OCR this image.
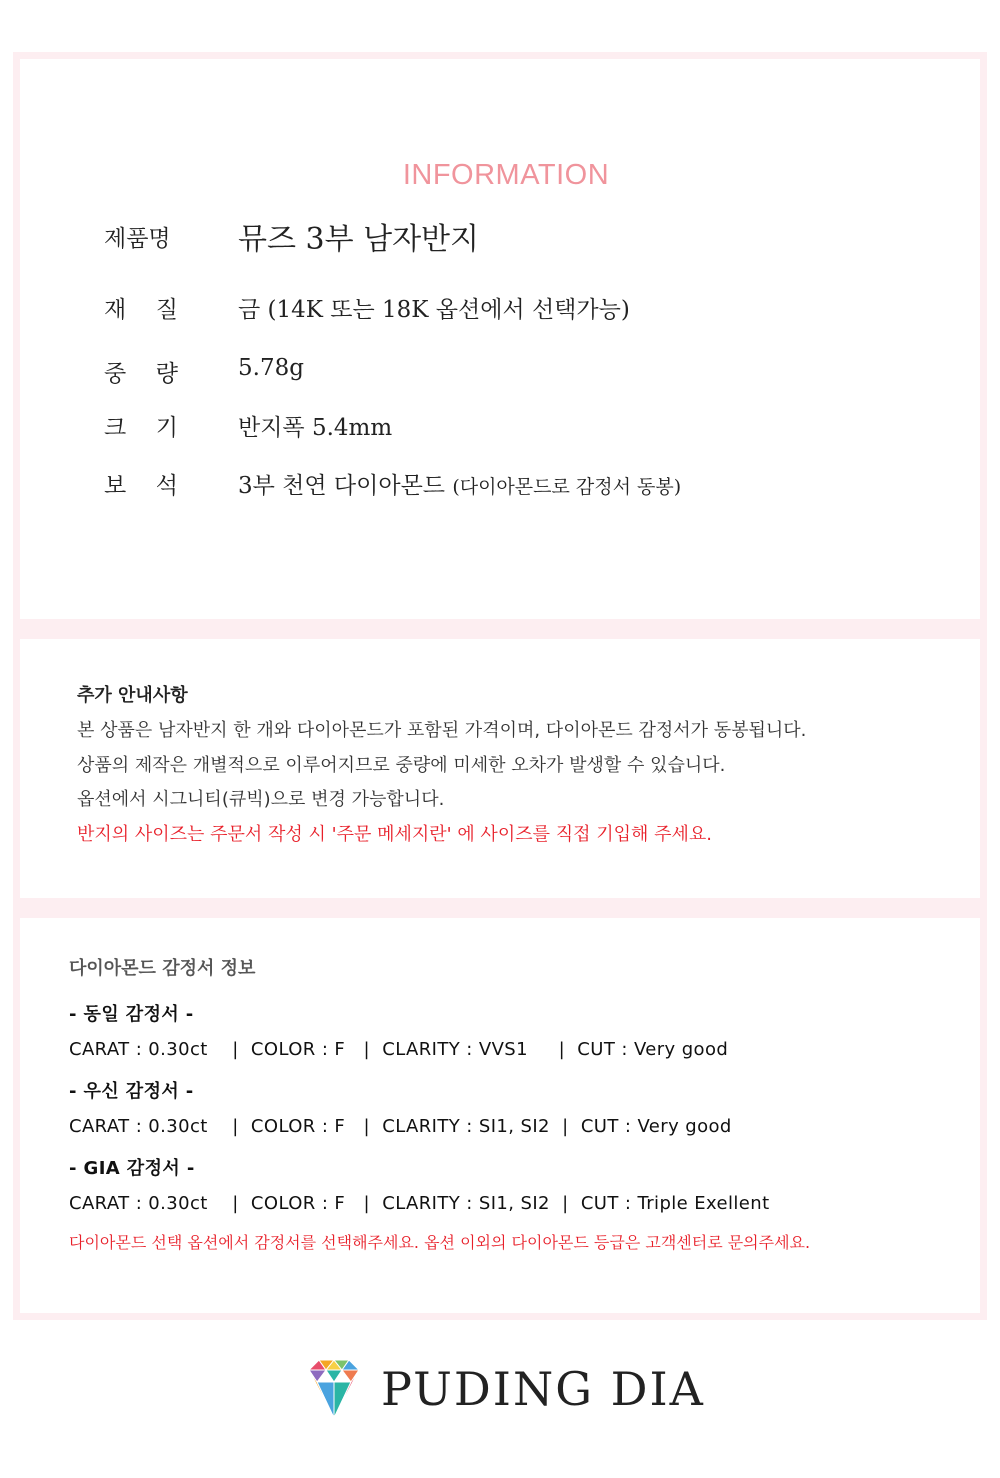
INFORMATION
제품명 뮤즈 3부 남자반지
재 질	금 (14K 또는 18K 옵션에서 선택가능)
중 량	5.78g
크 기	반지폭 5.4mm
보 석	3부 천연 다이아몬드 (다이아몬드로 감정서 동봉)
추가 안내사항
본 상품은 남자반지 한 개와 다이아몬드가 포함된 가격이며, 다이아몬드 감정서가 동봉됩니다.
상품의 제작은 개별적으로 이루어지므로 중량에 미세한 오차가 발생할 수 있습니다.
옵션에서 시그니티(큐빅)으로 변경 가능합니다.
반지의 사이즈는 주문서 작성 시 '주문 메세지란' 에 사이즈를 직접 기입해 주세요.
다이아몬드 감정서 정보
- 동일 감정서 -
CARAT : 0.30ct    |  COLOR : F   |  CLARITY : VVS1     |  CUT : Very good
- 우신 감정서 -
CARAT : 0.30ct    |  COLOR : F   |  CLARITY : SI1, SI2  |  CUT : Very good
- GIA 감정서 -
CARAT : 0.30ct    |  COLOR : F   |  CLARITY : SI1, SI2  |  CUT : Triple Exellent
다이아몬드 선택 옵션에서 감정서를 선택해주세요. 옵션 이외의 다이아몬드 등급은 고객센터로 문의주세요.
PUDING DIA
